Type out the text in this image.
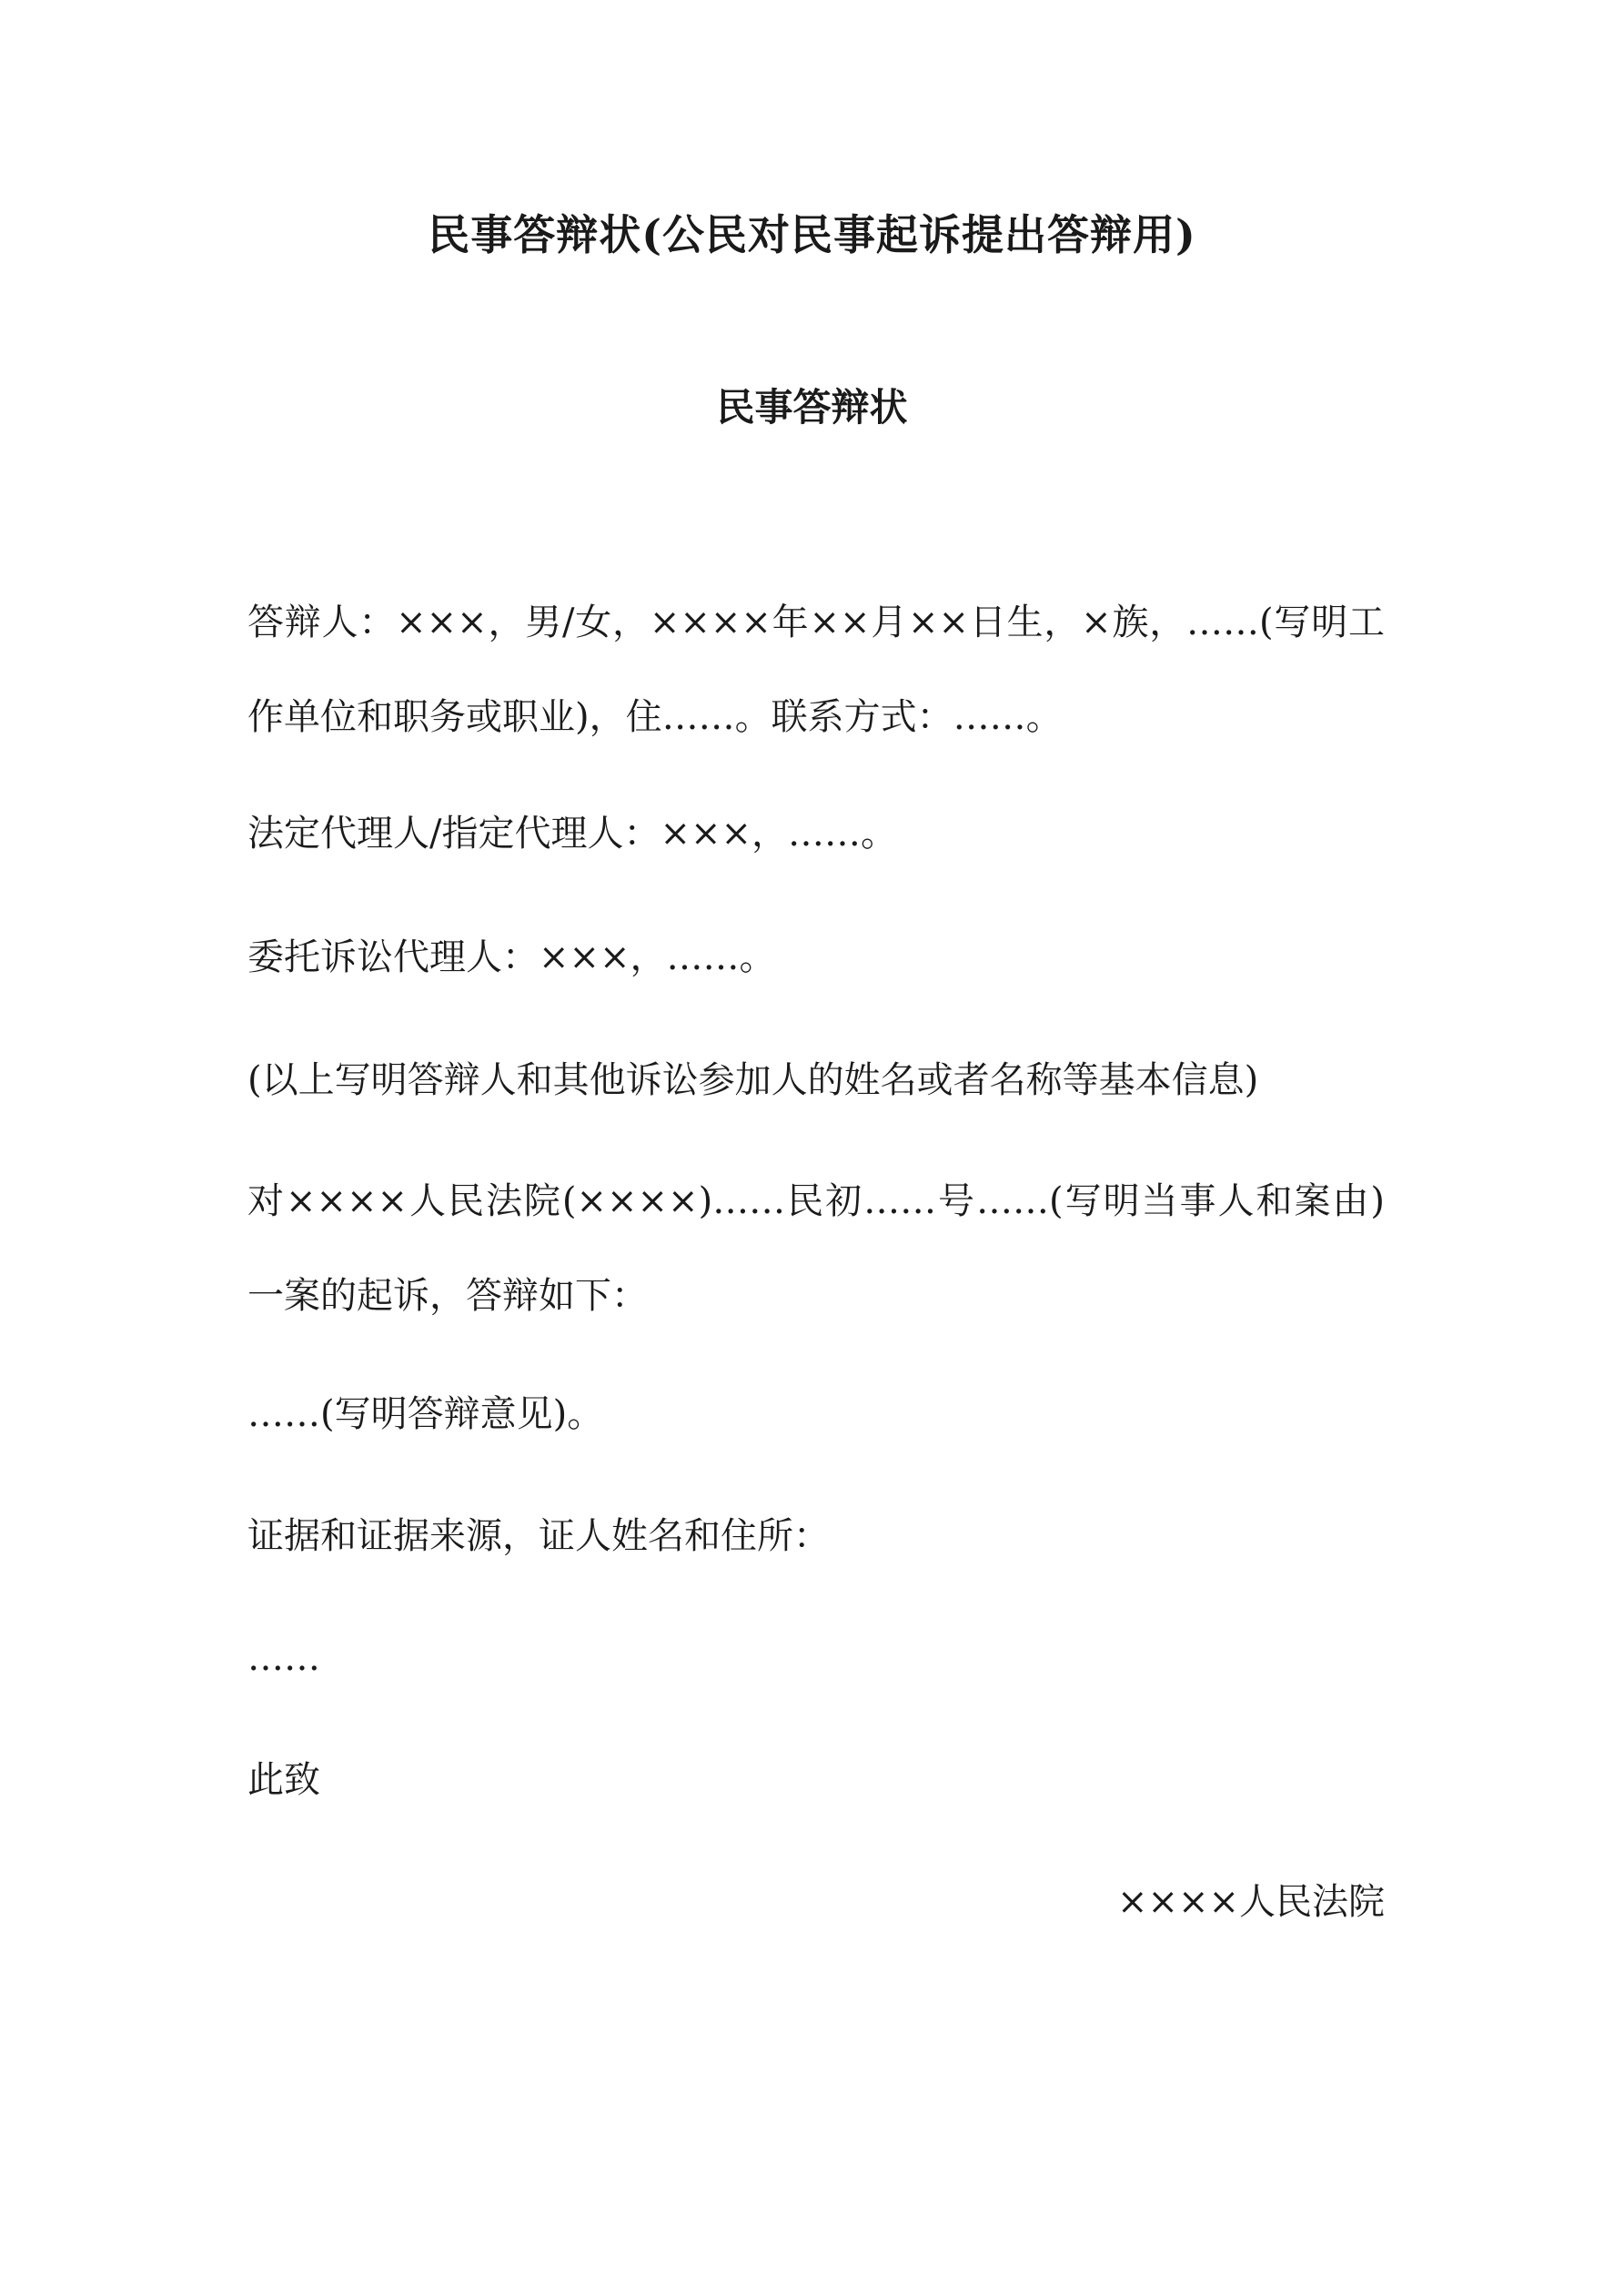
民事答辩状(公民对民事起诉提出答辩用)
民事答辩状

答辩人：×××，男/女，××××年××月××日生，×族，……(写明工作单位和职务或职业)，住……。联系方式：……。

法定代理人/指定代理人：×××，……。

委托诉讼代理人：×××，……。

(以上写明答辩人和其他诉讼参加人的姓名或者名称等基本信息)

对××××人民法院(××××)……民初……号……(写明当事人和案由)一案的起诉，答辩如下：

……(写明答辩意见)。

证据和证据来源，证人姓名和住所：

……

此致

××××人民法院
